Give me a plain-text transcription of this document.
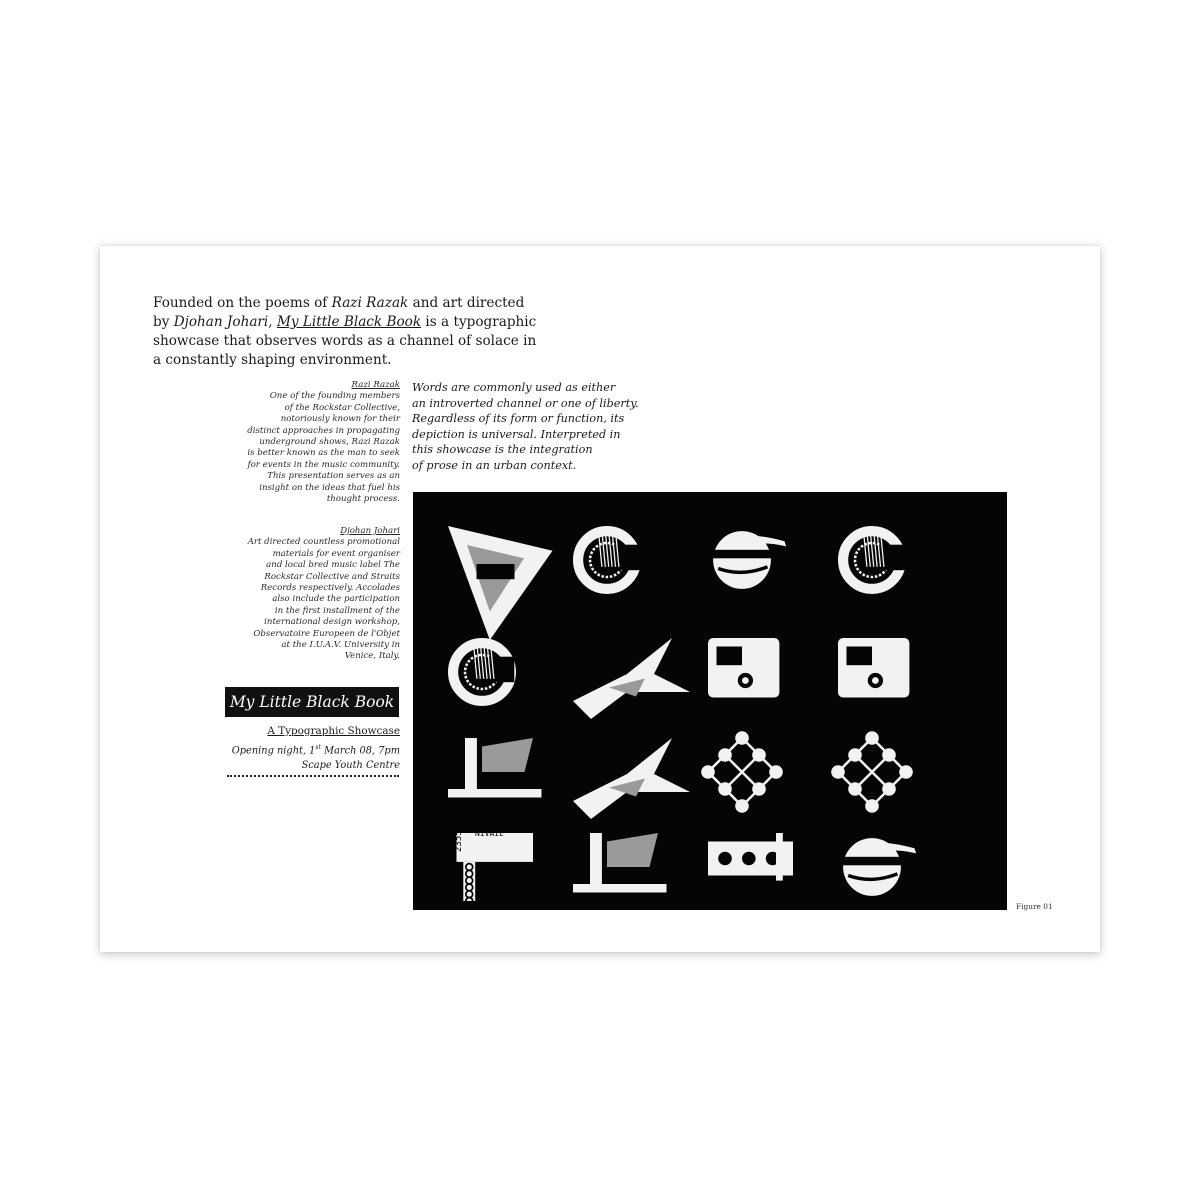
Founded on the poems of Razi Razak and art directed
by Djohan Johari, My Little Black Book is a typographic
showcase that observes words as a channel of solace in
a constantly shaping environment.

Razi Razak
One of the founding members
of the Rockstar Collective,
notoriously known for their
distinct approaches in propagating
underground shows, Razi Razak
is better known as the man to seek
for events in the music community.
This presentation serves as an
insight on the ideas that fuel his
thought process.
Djohan Johari
Art directed countless promotional
materials for event organiser
and local bred music label The
Rockstar Collective and Straits
Records respectively. Accolades
also include the participation
in the first installment of the
international design workshop,
Observatoire Europeen de l'Objet
at the I.U.A.V. University in
Venice, Italy.
Words are commonly used as either
an introverted channel or one of liberty.
Regardless of its form or function, its
depiction is universal. Interpreted in
this showcase is the integration
of prose in an urban context.
My Little Black Book
A Typographic Showcase
Opening night, 1st March 08, 7pm
Scape Youth Centre
2355 NIVAIE
Figure 01
